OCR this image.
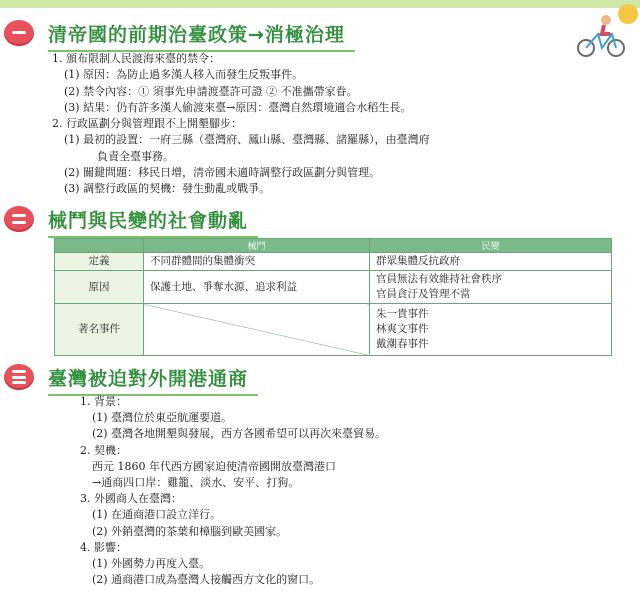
清帝國的前期治臺政策→消極治理
1. 頒布限制人民渡海來臺的禁令：
(1) 原因：為防止過多漢人移入而發生反叛事件。
(2) 禁令內容：① 須事先申請渡臺許可證 ② 不准攜帶家眷。
(3) 結果：仍有許多漢人偷渡來臺→原因：臺灣自然環境適合水稻生長。
2. 行政區劃分與管理跟不上開墾腳步：
(1) 最初的設置：一府三縣（臺灣府、鳳山縣、臺灣縣、諸羅縣），由臺灣府
負責全臺事務。
(2) 關鍵問題：移民日增，清帝國未適時調整行政區劃分與管理。
(3) 調整行政區的契機：發生動亂或戰爭。
械鬥與民變的社會動亂
	械鬥	民變
定義	不同群體間的集體衝突	群眾集體反抗政府

原因	保護土地、爭奪水源、追求利益	官員無法有效維持社會秩序
官員貪汙及管理不當

著名事件		朱一貴事件
林爽文事件
戴潮春事件
臺灣被迫對外開港通商
1. 背景：
(1) 臺灣位於東亞航運要道。
(2) 臺灣各地開墾與發展，西方各國希望可以再次來臺貿易。
2. 契機：
西元 1860 年代西方國家迫使清帝國開放臺灣港口
→通商四口岸：雞籠、淡水、安平、打狗。
3. 外國商人在臺灣：
(1) 在通商港口設立洋行。
(2) 外銷臺灣的茶葉和樟腦到歐美國家。
4. 影響：
(1) 外國勢力再度入臺。
(2) 通商港口成為臺灣人接觸西方文化的窗口。
